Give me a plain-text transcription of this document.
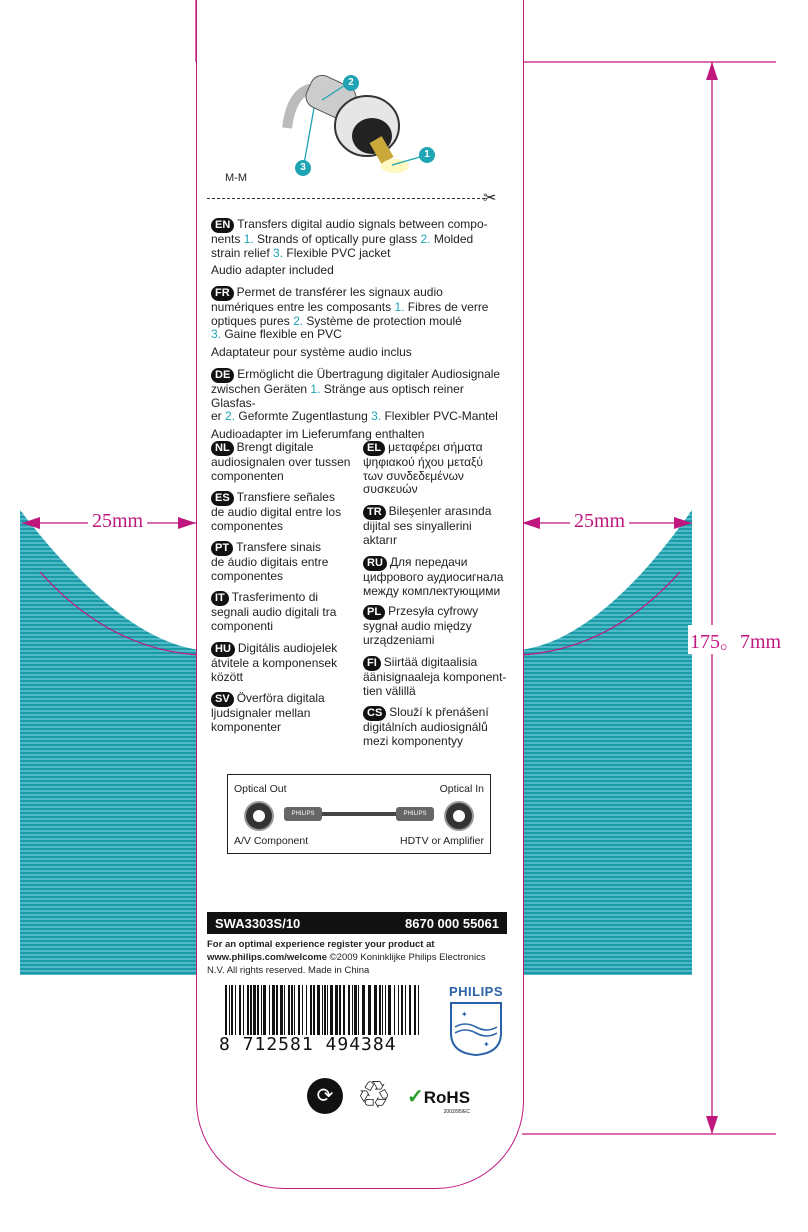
25mm	25mm
175。7mm
2
1
3
M-M
✂
EN Transfers digital audio signals between compo-
nents 1. Strands of optically pure glass 2. Molded
strain relief 3. Flexible PVC jacket
Audio adapter included
FR Permet de transférer les signaux audio
numériques entre les composants 1. Fibres de verre
optiques pures 2. Système de protection moulé
3. Gaine flexible en PVC
Adaptateur pour système audio inclus
DE Ermöglicht die Übertragung digitaler Audiosignale
zwischen Geräten 1. Stränge aus optisch reiner Glasfas-
er 2. Geformte Zugentlastung 3. Flexibler PVC-Mantel
Audioadapter im Lieferumfang enthalten
NL Brengt digitale
audiosignalen over tussen
componenten
ES Transfiere señales
de audio digital entre los
componentes
PT Transfere sinais
de áudio digitais entre
componentes
IT Trasferimento di
segnali audio digitali tra
componenti
HU Digitális audiojelek
átvitele a komponensek
között
SV Överföra digitala
ljudsignaler mellan
komponenter
EL μεταφέρει σήματα
ψηφιακού ήχου μεταξύ
των συνδεδεμένων
συσκευών
TR Bileşenler arasında
dijital ses sinyallerini
aktarır
RU Для передачи
цифрового аудиосигнала
между комплектующими
PL Przesyła cyfrowy
sygnał audio między
urządzeniami
FI Siirtää digitaalisia
äänisignaaleja komponent-
tien välillä
CS Slouží k přenášení
digitálních audiosignálů
mezi komponentyy
Optical Out	Optical In
A/V Component	HDTV or Amplifier
PHILIPS	PHILIPS
SWA3303S/10	8670 000 55061
For an optimal experience register your product at
www.philips.com/welcome ©2009 Koninklijke Philips Electronics
N.V. All rights reserved. Made in China
8 712581 494384
PHILIPS
✦
✦
⟳ ♲ ✓RoHS
2002/95/EC
